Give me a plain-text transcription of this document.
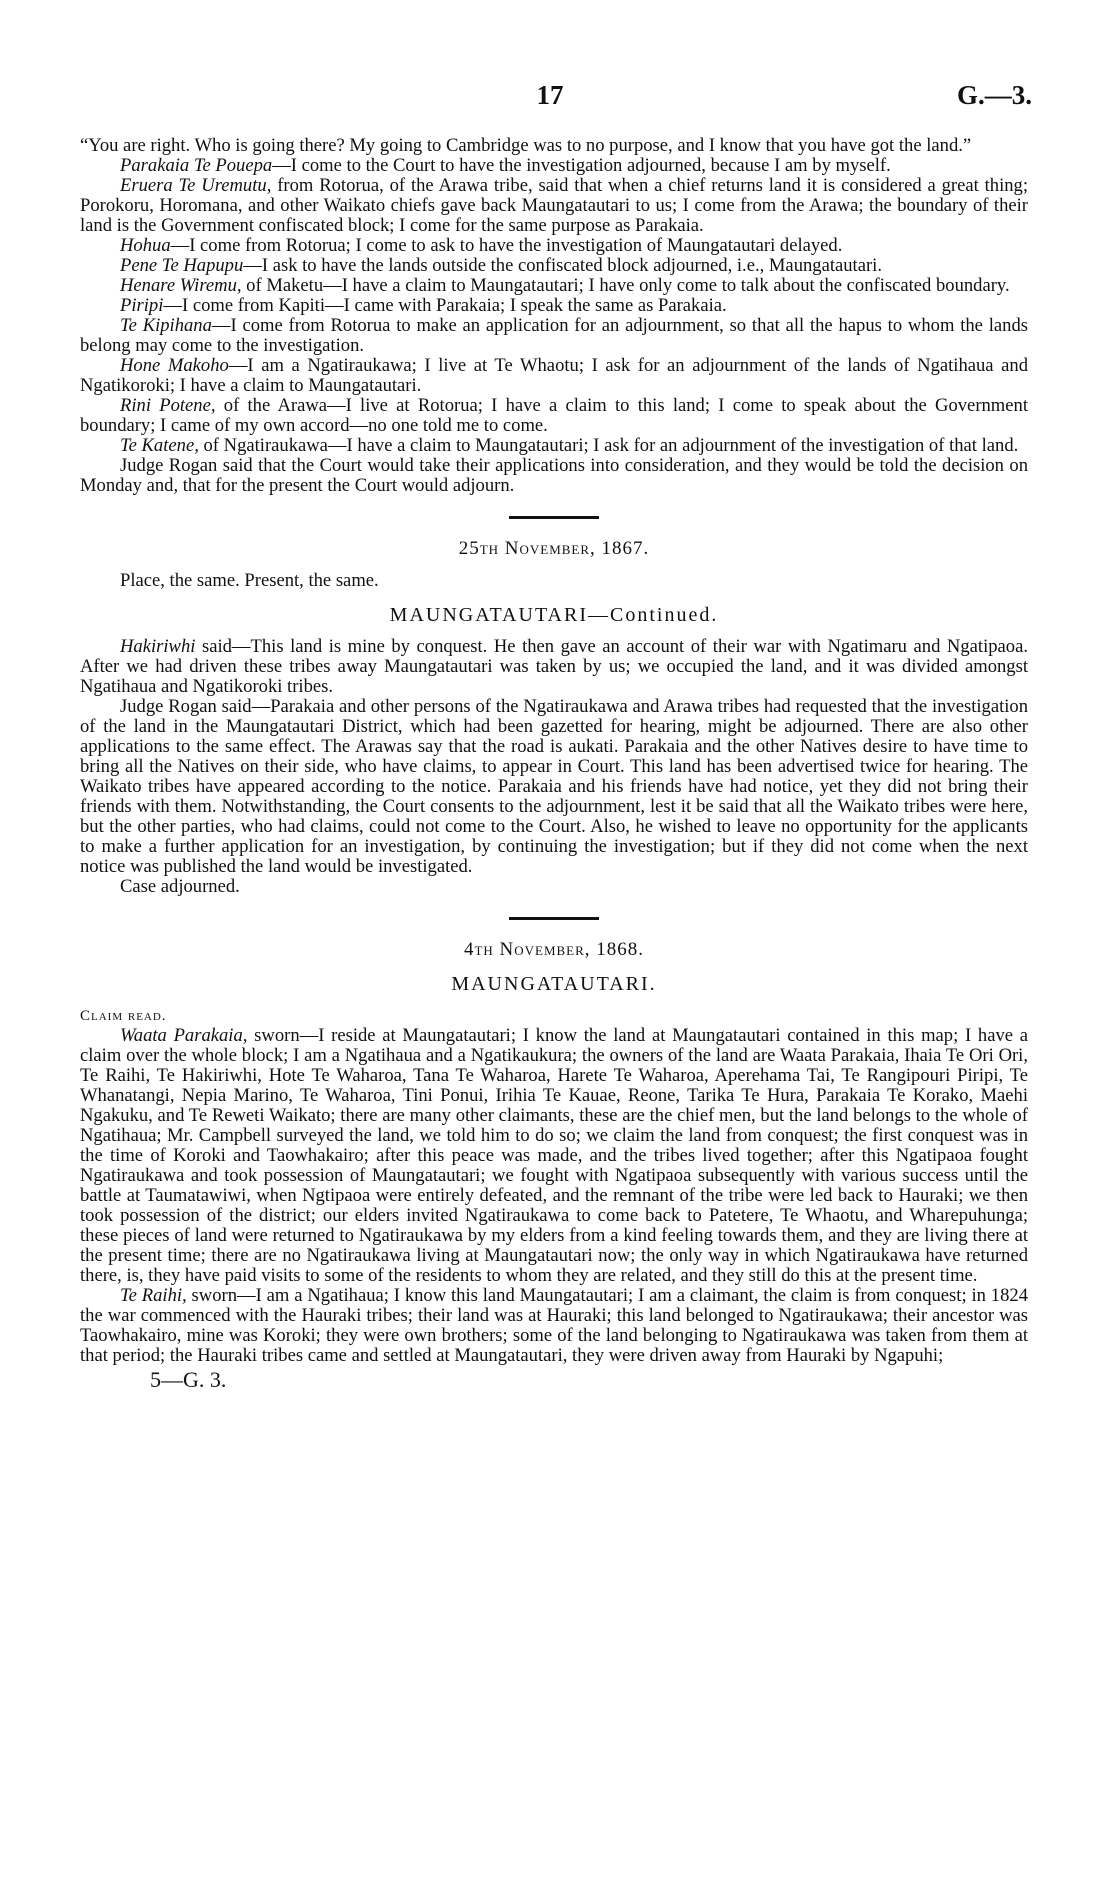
17	G.—3.

“You are right. Who is going there? My going to Cambridge was to no purpose, and I know that you have got the land.”

Parakaia Te Pouepa—I come to the Court to have the investigation adjourned, because I am by myself.

Eruera Te Uremutu, from Rotorua, of the Arawa tribe, said that when a chief returns land it is considered a great thing; Porokoru, Horomana, and other Waikato chiefs gave back Maungatautari to us; I come from the Arawa; the boundary of their land is the Government confiscated block; I come for the same purpose as Parakaia.

Hohua—I come from Rotorua; I come to ask to have the investigation of Maungatautari delayed.

Pene Te Hapupu—I ask to have the lands outside the confiscated block adjourned, i.e., Maungatautari.

Henare Wiremu, of Maketu—I have a claim to Maungatautari; I have only come to talk about the confiscated boundary.

Piripi—I come from Kapiti—I came with Parakaia; I speak the same as Parakaia.

Te Kipihana—I come from Rotorua to make an application for an adjournment, so that all the hapus to whom the lands belong may come to the investigation.

Hone Makoho—I am a Ngatiraukawa; I live at Te Whaotu; I ask for an adjournment of the lands of Ngatihaua and Ngatikoroki; I have a claim to Maungatautari.

Rini Potene, of the Arawa—I live at Rotorua; I have a claim to this land; I come to speak about the Government boundary; I came of my own accord—no one told me to come.

Te Katene, of Ngatiraukawa—I have a claim to Maungatautari; I ask for an adjournment of the investigation of that land.

Judge Rogan said that the Court would take their applications into consideration, and they would be told the decision on Monday and, that for the present the Court would adjourn.

25th November, 1867.

Place, the same. Present, the same.

MAUNGATAUTARI—Continued.

Hakiriwhi said—This land is mine by conquest. He then gave an account of their war with Ngatimaru and Ngatipaoa. After we had driven these tribes away Maungatautari was taken by us; we occupied the land, and it was divided amongst Ngatihaua and Ngatikoroki tribes.

Judge Rogan said—Parakaia and other persons of the Ngatiraukawa and Arawa tribes had requested that the investigation of the land in the Maungatautari District, which had been gazetted for hearing, might be adjourned. There are also other applications to the same effect. The Arawas say that the road is aukati. Parakaia and the other Natives desire to have time to bring all the Natives on their side, who have claims, to appear in Court. This land has been advertised twice for hearing. The Waikato tribes have appeared according to the notice. Parakaia and his friends have had notice, yet they did not bring their friends with them. Notwithstanding, the Court consents to the adjournment, lest it be said that all the Waikato tribes were here, but the other parties, who had claims, could not come to the Court. Also, he wished to leave no opportunity for the applicants to make a further application for an investigation, by continuing the investigation; but if they did not come when the next notice was published the land would be investigated.

Case adjourned.

4th November, 1868.

MAUNGATAUTARI.

Claim read.

Waata Parakaia, sworn—I reside at Maungatautari; I know the land at Maungatautari contained in this map; I have a claim over the whole block; I am a Ngatihaua and a Ngatikaukura; the owners of the land are Waata Parakaia, Ihaia Te Ori Ori, Te Raihi, Te Hakiriwhi, Hote Te Waharoa, Tana Te Waharoa, Harete Te Waharoa, Aperehama Tai, Te Rangipouri Piripi, Te Whanatangi, Nepia Marino, Te Waharoa, Tini Ponui, Irihia Te Kauae, Reone, Tarika Te Hura, Parakaia Te Korako, Maehi Ngakuku, and Te Reweti Waikato; there are many other claimants, these are the chief men, but the land belongs to the whole of Ngatihaua; Mr. Campbell surveyed the land, we told him to do so; we claim the land from conquest; the first conquest was in the time of Koroki and Taowhakairo; after this peace was made, and the tribes lived together; after this Ngatipaoa fought Ngatiraukawa and took possession of Maungatautari; we fought with Ngatipaoa subsequently with various success until the battle at Taumatawiwi, when Ngtipaoa were entirely defeated, and the remnant of the tribe were led back to Hauraki; we then took possession of the district; our elders invited Ngatiraukawa to come back to Patetere, Te Whaotu, and Wharepuhunga; these pieces of land were returned to Ngatiraukawa by my elders from a kind feeling towards them, and they are living there at the present time; there are no Ngatiraukawa living at Maungatautari now; the only way in which Ngatiraukawa have returned there, is, they have paid visits to some of the residents to whom they are related, and they still do this at the present time.

Te Raihi, sworn—I am a Ngatihaua; I know this land Maungatautari; I am a claimant, the claim is from conquest; in 1824 the war commenced with the Hauraki tribes; their land was at Hauraki; this land belonged to Ngatiraukawa; their ancestor was Taowhakairo, mine was Koroki; they were own brothers; some of the land belonging to Ngatiraukawa was taken from them at that period; the Hauraki tribes came and settled at Maungatautari, they were driven away from Hauraki by Ngapuhi;

5—G. 3.
